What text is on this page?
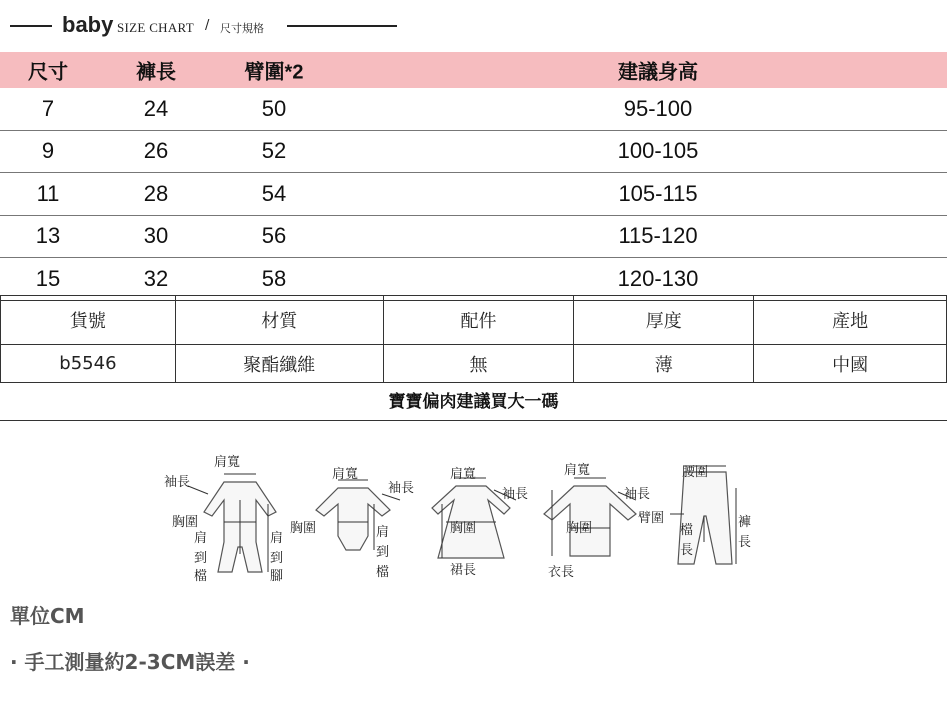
baby SIZE CHART / 尺寸規格
尺寸	褲長	臂圍*2	建議身高
7	24	50	95-100
9	26	52	100-105
11	28	54	105-115
13	30	56	115-120
15	32	58	120-130
貨號	材質	配件	厚度	產地
b5546	聚酯纖維	無	薄	中國
寶寶偏肉建議買大一碼
肩寬
袖長
胸圍
肩
到
檔
肩
到
腳
肩寬
袖長
胸圍	肩
到
檔
肩寬
袖長
胸圍
裙長
肩寬
袖長
胸圍
衣長
腰圍
臂圍
檔
長
褲
長
單位CM
· 手工測量約2-3CM誤差 ·
